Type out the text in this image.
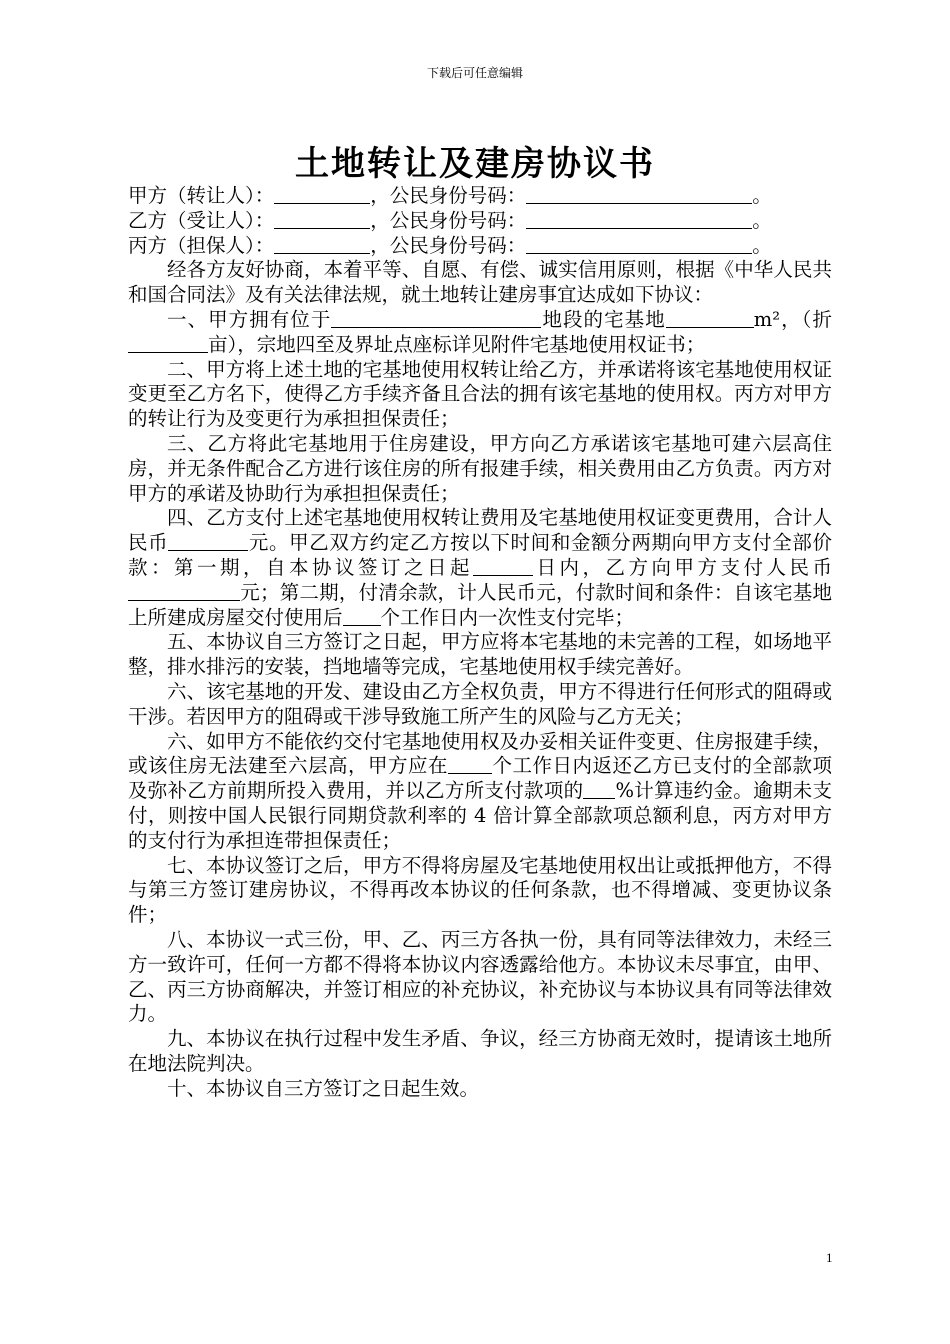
下载后可任意编辑
土地转让及建房协议书
甲方（转让人）：	，公民身份号码：	。
乙方（受让人）：	，公民身份号码：	。
丙方（担保人）：	，公民身份号码：	。

经各方友好协商，本着平等、自愿、有偿、诚实信用原则，根据《中华人民共和国合同法》及有关法律法规，就土地转让建房事宜达成如下协议：

一、甲方拥有位于	地段的宅基地	m²，（折亩），宗地四至及界址点座标详见附件宅基地使用权证书；

二、甲方将上述土地的宅基地使用权转让给乙方，并承诺将该宅基地使用权证变更至乙方名下，使得乙方手续齐备且合法的拥有该宅基地的使用权。丙方对甲方的转让行为及变更行为承担担保责任；

三、乙方将此宅基地用于住房建设，甲方向乙方承诺该宅基地可建六层高住房，并无条件配合乙方进行该住房的所有报建手续，相关费用由乙方负责。丙方对甲方的承诺及协助行为承担担保责任；

四、乙方支付上述宅基地使用权转让费用及宅基地使用权证变更费用，合计人民币	元。甲乙双方约定乙方按以下时间和金额分两期向甲方支付全部价款：第一期，自本协议签订之日起	日内，乙方向甲方支付人民币元；第二期，付清余款，计人民币元，付款时间和条件：自该宅基地上所建成房屋交付使用后 个工作日内一次性支付完毕；

五、本协议自三方签订之日起，甲方应将本宅基地的未完善的工程，如场地平整，排水排污的安装，挡地墙等完成，宅基地使用权手续完善好。

六、该宅基地的开发、建设由乙方全权负责，甲方不得进行任何形式的阻碍或干涉。若因甲方的阻碍或干涉导致施工所产生的风险与乙方无关；

六、如甲方不能依约交付宅基地使用权及办妥相关证件变更、住房报建手续，或该住房无法建至六层高，甲方应在 个工作日内返还乙方已支付的全部款项及弥补乙方前期所投入费用，并以乙方所支付款项的 %计算违约金。逾期未支付，则按中国人民银行同期贷款利率的 4 倍计算全部款项总额利息，丙方对甲方的支付行为承担连带担保责任；

七、本协议签订之后，甲方不得将房屋及宅基地使用权出让或抵押他方，不得与第三方签订建房协议，不得再改本协议的任何条款，也不得增减、变更协议条件；

八、本协议一式三份，甲、乙、丙三方各执一份，具有同等法律效力，未经三方一致许可，任何一方都不得将本协议内容透露给他方。本协议未尽事宜，由甲、乙、丙三方协商解决，并签订相应的补充协议，补充协议与本协议具有同等法律效力。

九、本协议在执行过程中发生矛盾、争议，经三方协商无效时，提请该土地所在地法院判决。

十、本协议自三方签订之日起生效。

1
